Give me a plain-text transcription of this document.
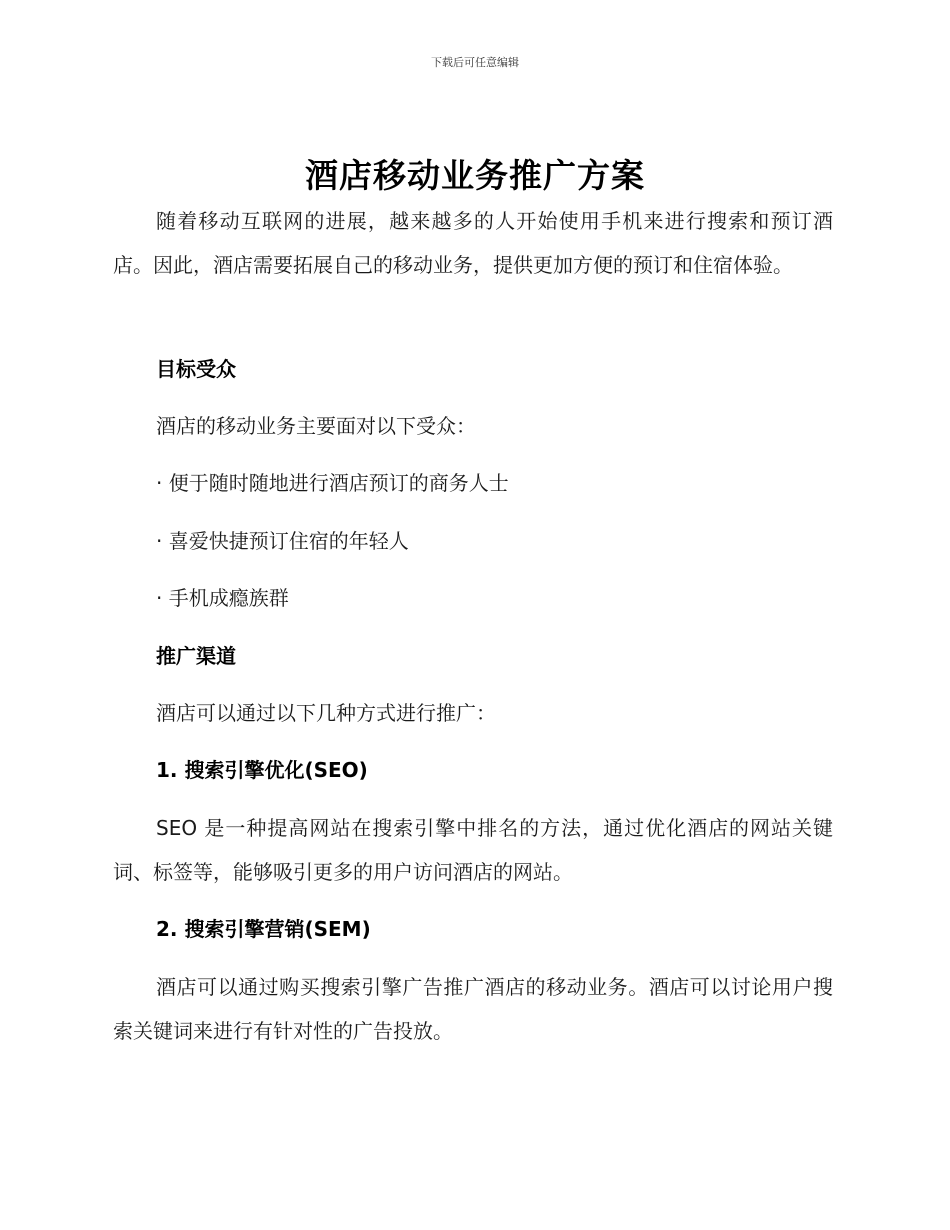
下载后可任意编辑
酒店移动业务推广方案
随着移动互联网的进展，越来越多的人开始使用手机来进行搜索和预订酒店。因此，酒店需要拓展自己的移动业务，提供更加方便的预订和住宿体验。
目标受众
酒店的移动业务主要面对以下受众：
· 便于随时随地进行酒店预订的商务人士
· 喜爱快捷预订住宿的年轻人
· 手机成瘾族群
推广渠道
酒店可以通过以下几种方式进行推广：
1. 搜索引擎优化(SEO)
SEO 是一种提高网站在搜索引擎中排名的方法，通过优化酒店的网站关键词、标签等，能够吸引更多的用户访问酒店的网站。
2. 搜索引擎营销(SEM)
酒店可以通过购买搜索引擎广告推广酒店的移动业务。酒店可以讨论用户搜索关键词来进行有针对性的广告投放。
